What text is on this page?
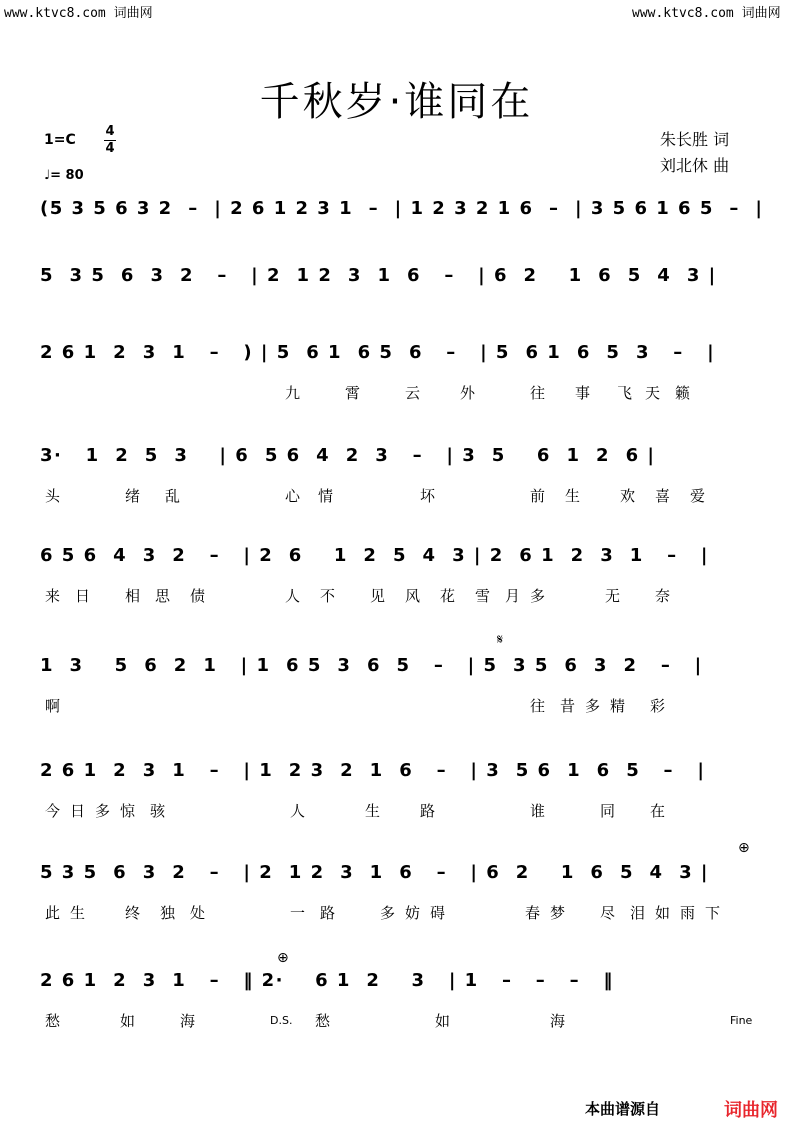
www.ktvc8.com 词曲网	www.ktvc8.com 词曲网
千秋岁·谁同在
1=C
4
4
♩= 80
朱长胜 词
刘北休 曲
(5 3 5 6 3 2  –  | 2 6 1 2 3 1  –  | 1 2 3 2 1 6  –  | 3 5 6 1 6 5  –  |
5  3 5  6  3  2   –   | 2  1 2  3  1  6   –   | 6  2    1  6  5  4  3 |
2 6 1  2  3  1   –   ) | 5  6 1  6 5  6   –   | 5  6 1  6  5  3   –   |
九	霄	云	外	往 事 飞 天 籁
3·   1  2  5  3    | 6  5 6  4  2  3   –   | 3  5    6  1  2  6 |
头	绪 乱	心 情	坏	前 生	欢 喜 爱
6 5 6  4  3  2   –   | 2  6    1  2  5  4  3 | 2  6 1  2  3  1   –   |
来 日 相 思 债	人 不 见 风 花 雪 月 多	无 奈
1  3    5  6  2  1   | 1  6 5  3  6  5   –   | 5  3 5  6  3  2   –   |
啊	往 昔 多 精 彩
2 6 1  2  3  1   –   | 1  2 3  2  1  6   –   | 3  5 6  1  6  5   –   |
今 日 多 惊 骇	人	生	路	谁	同 在
5 3 5  6  3  2   –   | 2  1 2  3  1  6   –   | 6  2    1  6  5  4  3 |
此 生	终 独 处	一 路	多 妨 碍	春 梦 尽 泪 如 雨 下
2 6 1  2  3  1   –   ‖ 2·    6 1  2    3   | 1   –   –   –   ‖
愁	如	海	D.S. 愁	如	海	Fine
本曲谱源自	词曲网
𝄋
⊕
⊕
